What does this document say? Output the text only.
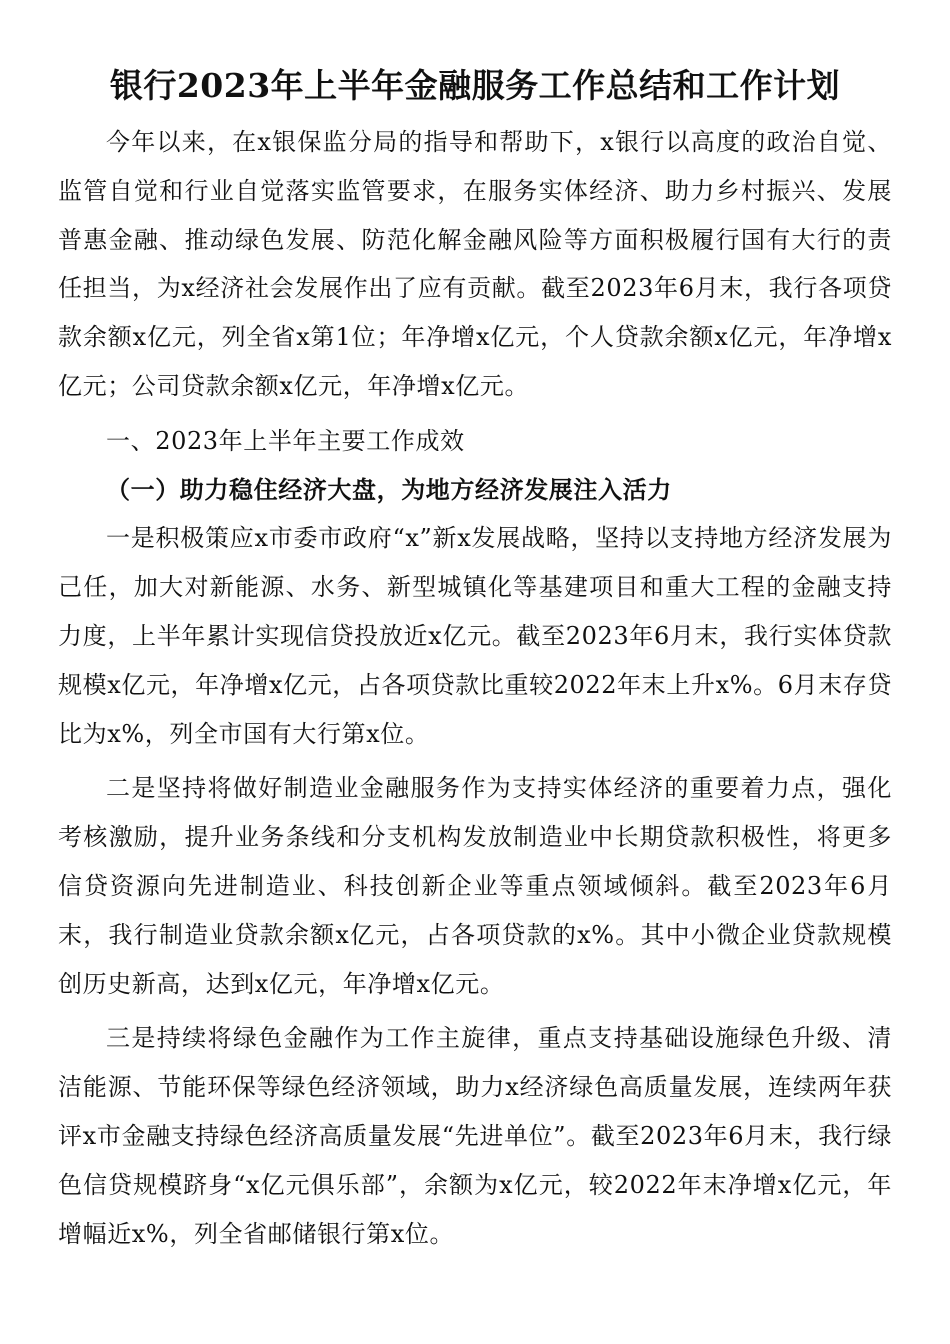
银行2023年上半年金融服务工作总结和工作计划

今年以来，在x银保监分局的指导和帮助下，x银行以高度的政治自觉、监管自觉和行业自觉落实监管要求，在服务实体经济、助力乡村振兴、发展普惠金融、推动绿色发展、防范化解金融风险等方面积极履行国有大行的责任担当，为x经济社会发展作出了应有贡献。截至2023年6月末，我行各项贷款余额x亿元，列全省x第1位；年净增x亿元，个人贷款余额x亿元，年净增x亿元；公司贷款余额x亿元，年净增x亿元。

一、2023年上半年主要工作成效

（一）助力稳住经济大盘，为地方经济发展注入活力

一是积极策应x市委市政府“x”新x发展战略，坚持以支持地方经济发展为己任，加大对新能源、水务、新型城镇化等基建项目和重大工程的金融支持力度，上半年累计实现信贷投放近x亿元。截至2023年6月末，我行实体贷款规模x亿元，年净增x亿元，占各项贷款比重较2022年末上升x%。6月末存贷比为x%，列全市国有大行第x位。

二是坚持将做好制造业金融服务作为支持实体经济的重要着力点，强化考核激励，提升业务条线和分支机构发放制造业中长期贷款积极性，将更多信贷资源向先进制造业、科技创新企业等重点领域倾斜。截至2023年6月末，我行制造业贷款余额x亿元，占各项贷款的x%。其中小微企业贷款规模创历史新高，达到x亿元，年净增x亿元。

三是持续将绿色金融作为工作主旋律，重点支持基础设施绿色升级、清洁能源、节能环保等绿色经济领域，助力x经济绿色高质量发展，连续两年获评x市金融支持绿色经济高质量发展“先进单位”。截至2023年6月末，我行绿色信贷规模跻身“x亿元俱乐部”，余额为x亿元，较2022年末净增x亿元，年增幅近x%，列全省邮储银行第x位。
